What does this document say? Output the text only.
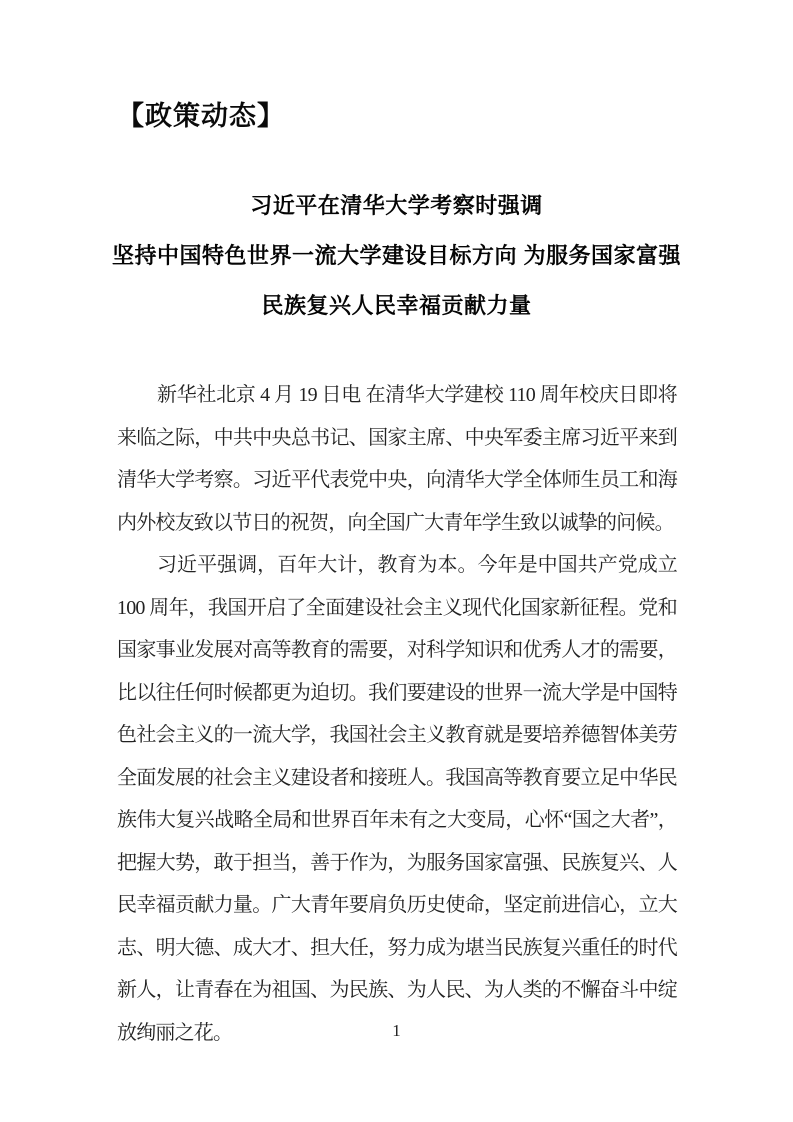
【政策动态】
习近平在清华大学考察时强调
坚持中国特色世界一流大学建设目标方向 为服务国家富强
民族复兴人民幸福贡献力量

新华社北京 4 月 19 日电 在清华大学建校 110 周年校庆日即将来临之际，中共中央总书记、国家主席、中央军委主席习近平来到清华大学考察。习近平代表党中央，向清华大学全体师生员工和海内外校友致以节日的祝贺，向全国广大青年学生致以诚挚的问候。

习近平强调，百年大计，教育为本。今年是中国共产党成立 100 周年，我国开启了全面建设社会主义现代化国家新征程。党和国家事业发展对高等教育的需要，对科学知识和优秀人才的需要，比以往任何时候都更为迫切。我们要建设的世界一流大学是中国特色社会主义的一流大学，我国社会主义教育就是要培养德智体美劳全面发展的社会主义建设者和接班人。我国高等教育要立足中华民族伟大复兴战略全局和世界百年未有之大变局，心怀“国之大者”，把握大势，敢于担当，善于作为，为服务国家富强、民族复兴、人民幸福贡献力量。广大青年要肩负历史使命，坚定前进信心，立大志、明大德、成大才、担大任，努力成为堪当民族复兴重任的时代新人，让青春在为祖国、为民族、为人民、为人类的不懈奋斗中绽放绚丽之花。	1
